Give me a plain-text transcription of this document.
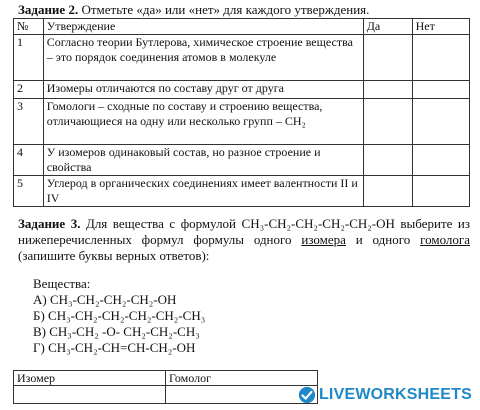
Задание 2. Отметьте «да» или «нет» для каждого утверждения.
№	Утверждение	Да	Нет
1	Согласно теории Бутлерова, химическое строение вещества – это порядок соединения атомов в молекуле		
2	Изомеры отличаются по составу друг от друга		
3	Гомологи – сходные по составу и строению вещества, отличающиеся на одну или несколько групп – CH₂		
4	У изомеров одинаковый состав, но разное строение и свойства		
5	Углерод в органических соединениях имеет валентности II и IV		
Задание 3. Для вещества с формулой CH₃-CH₂-CH₂-CH₂-CH₂-OH выберите из нижеперечисленных формул формулы одного изомера и одного гомолога (запишите буквы верных ответов):
Вещества:
А) CH₃-CH₂-CH₂-CH₂-OH
Б) CH₃-CH₂-CH₂-CH₂-CH₂-CH₃
В) CH₃-CH₂ -O- CH₂-CH₂-CH₃
Г) CH₃-CH₂-CH=CH-CH₂-OH
Изомер	Гомолог

LIVEWORKSHEETS
